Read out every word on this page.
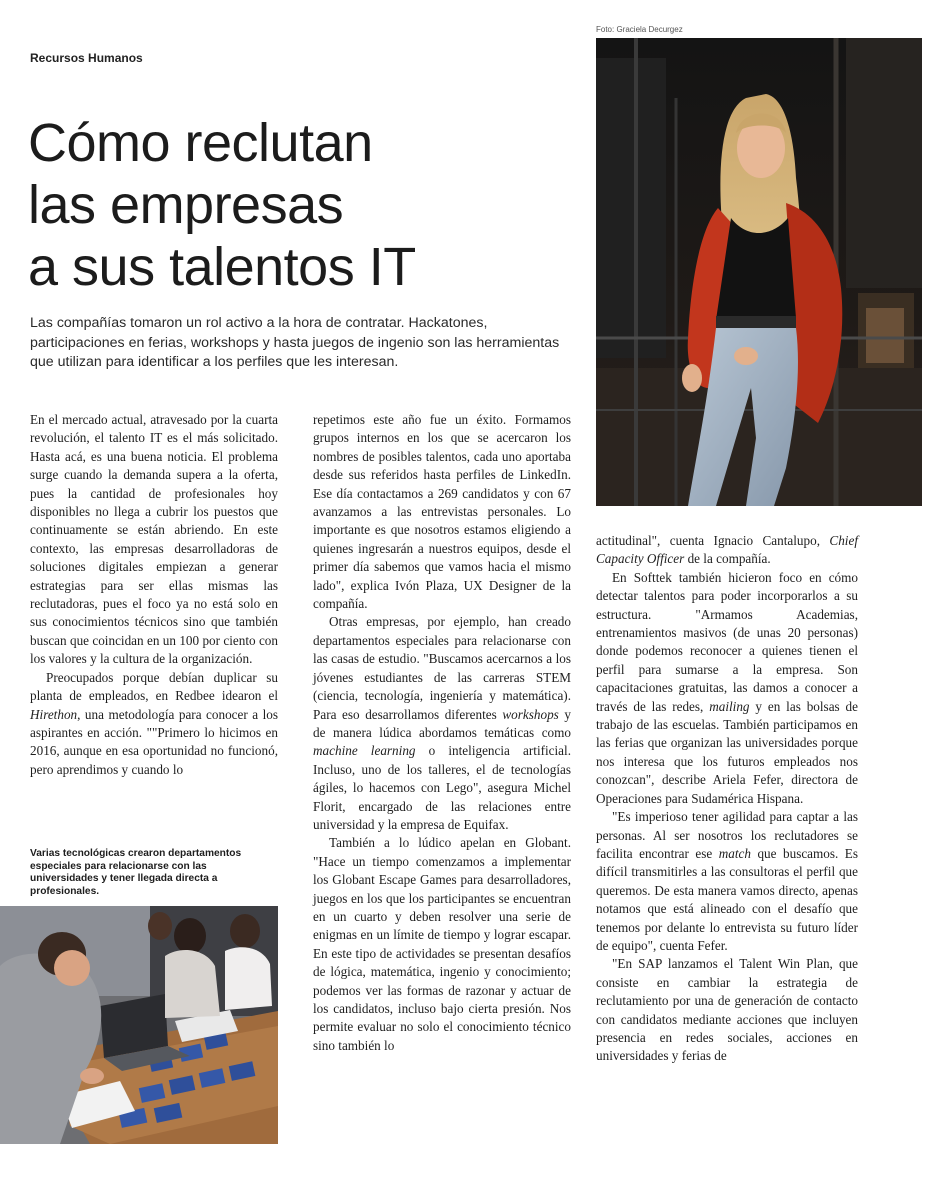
Recursos Humanos
Cómo reclutan
las empresas
a sus talentos IT
Las compañías tomaron un rol activo a la hora de contratar. Hackatones, participaciones en ferias, workshops y hasta juegos de ingenio son las herramientas que utilizan para identificar a los perfiles que les interesan.
Foto: Graciela Decurgez
Varias tecnológicas crearon departamentos especiales para relacionarse con las universidades y tener llegada directa a profesionales.

En el mercado actual, atravesado por la cuarta revolución, el talento IT es el más solicitado. Hasta acá, es una buena noticia. El problema surge cuando la demanda supera a la oferta, pues la cantidad de profesionales hoy disponibles no llega a cubrir los puestos que continuamente se están abriendo. En este contexto, las empresas desarrolladoras de soluciones digitales empiezan a generar estrategias para ser ellas mismas las reclutadoras, pues el foco ya no está solo en sus conocimientos técnicos sino que también buscan que coincidan en un 100 por ciento con los valores y la cultura de la organización.

Preocupados porque debían duplicar su planta de empleados, en Redbee idearon el Hirethon, una metodología para conocer a los aspirantes en acción. ""Primero lo hicimos en 2016, aunque en esa oportunidad no funcionó, pero aprendimos y cuando lo

repetimos este año fue un éxito. Formamos grupos internos en los que se acercaron los nombres de posibles talentos, cada uno aportaba desde sus referidos hasta perfiles de LinkedIn. Ese día contactamos a 269 candidatos y con 67 avanzamos a las entrevistas personales. Lo importante es que nosotros estamos eligiendo a quienes ingresarán a nuestros equipos, desde el primer día sabemos que vamos hacia el mismo lado", explica Ivón Plaza, UX Designer de la compañía.

Otras empresas, por ejemplo, han creado departamentos especiales para relacionarse con las casas de estudio. "Buscamos acercarnos a los jóvenes estudiantes de las carreras STEM (ciencia, tecnología, ingeniería y matemática). Para eso desarrollamos diferentes workshops y de manera lúdica abordamos temáticas como machine learning o inteligencia artificial. Incluso, uno de los talleres, el de tecnologías ágiles, lo hacemos con Lego", asegura Michel Florit, encargado de las relaciones entre universidad y la empresa de Equifax.

También a lo lúdico apelan en Globant. "Hace un tiempo comenzamos a implementar los Globant Escape Games para desarrolladores, juegos en los que los participantes se encuentran en un cuarto y deben resolver una serie de enigmas en un límite de tiempo y lograr escapar. En este tipo de actividades se presentan desafíos de lógica, matemática, ingenio y conocimiento; podemos ver las formas de razonar y actuar de los candidatos, incluso bajo cierta presión. Nos permite evaluar no solo el conocimiento técnico sino también lo

actitudinal", cuenta Ignacio Cantalupo, Chief Capacity Officer de la compañía.

En Softtek también hicieron foco en cómo detectar talentos para poder incorporarlos a su estructura. "Armamos Academias, entrenamientos masivos (de unas 20 personas) donde podemos reconocer a quienes tienen el perfil para sumarse a la empresa. Son capacitaciones gratuitas, las damos a conocer a través de las redes, mailing y en las bolsas de trabajo de las escuelas. También participamos en las ferias que organizan las universidades porque nos interesa que los futuros empleados nos conozcan", describe Ariela Fefer, directora de Operaciones para Sudamérica Hispana.

"Es imperioso tener agilidad para captar a las personas. Al ser nosotros los reclutadores se facilita encontrar ese match que buscamos. Es difícil transmitirles a las consultoras el perfil que queremos. De esta manera vamos directo, apenas notamos que está alineado con el desafío que tenemos por delante lo entrevista su futuro líder de equipo", cuenta Fefer.

"En SAP lanzamos el Talent Win Plan, que consiste en cambiar la estrategia de reclutamiento por una de generación de contacto con candidatos mediante acciones que incluyen presencia en redes sociales, acciones en universidades y ferias de
